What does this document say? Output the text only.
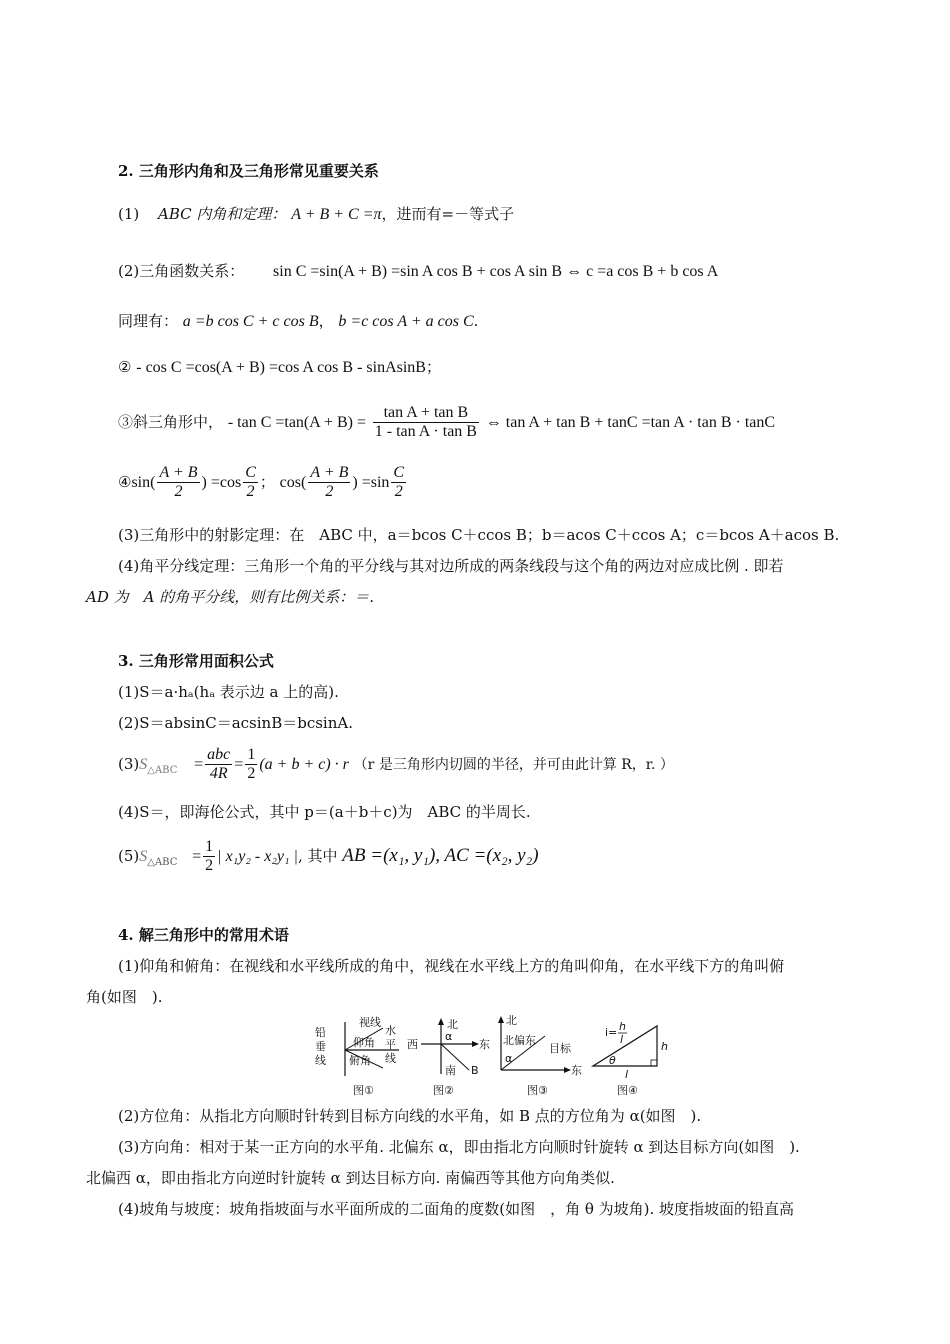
2. 三角形内角和及三角形常见重要关系
(1) ABC 内角和定理： A + B + C =π，进而有=－等式子
(2)三角函数关系： sin C =sin(A + B) =sin A cos B + cos A sin B ⇔ c =a cos B + b cos A
同理有： a =b cos C + c cos B， b =c cos A + a cos C.
② - cos C =cos(A + B) =cos A cos B - sinAsinB；
③斜三角形中， - $\tan C =\tan(A + B) = \frac{\text{tan A + tan B}}{\text{1 - tan A · tan B}}$ ⇔ tan A + tan B + tanC =tan A · tan B · tanC
④sin( $\frac{A + B}{2}$ ) $=\cos \frac{C}{2}$ ； $\cos( \frac{A + B}{2}$ ) $=\sin \frac{C}{2}$
(3)三角形中的射影定理：在　ABC 中，a＝bcos C＋ccos B；b＝acos C＋ccos A；c＝bcos A＋acos B.
(4)角平分线定理：三角形一个角的平分线与其对边所成的两条线段与这个角的两边对应成比例 . 即若
AD 为　A 的角平分线，则有比例关系：＝.
3. 三角形常用面积公式
(1)S＝a·hₐ(hₐ 表示边 a 上的高).
(2)S＝absinC＝acsinB＝bcsinA.
$(3)S_{\triangle ABC} = \frac{\text{abc}}{4R} = \frac{1}{2} (a + b + c) \cdot r$ （r 是三角形内切圆的半径，并可由此计算 R，r. ）
(4)S＝，即海伦公式，其中 p＝(a＋b＋c)为　ABC 的半周长.
$(5)S_{\triangle ABC} = \frac{1}{2}$ | x₁y₂ - x₂y₁ |, 其中 AB =(x₁, y₁), AC =(x₂, y₂)
4. 解三角形中的常用术语
(1)仰角和俯角：在视线和水平线所成的角中，视线在水平线上方的角叫仰角，在水平线下方的角叫俯
角(如图　).
铅
垂
线
视线
仰角
俯角
水
平
线
图①
北
西	东
α
南 B
图②
北
北偏东
α
目标
东
图③
i= h
l
h
θ
l
图④
(2)方位角：从指北方向顺时针转到目标方向线的水平角，如 B 点的方位角为 α(如图　).
(3)方向角：相对于某一正方向的水平角. 北偏东 α，即由指北方向顺时针旋转 α 到达目标方向(如图　).
北偏西 α，即由指北方向逆时针旋转 α 到达目标方向. 南偏西等其他方向角类似.
(4)坡角与坡度：坡角指坡面与水平面所成的二面角的度数(如图　，角 θ 为坡角). 坡度指坡面的铅直高
